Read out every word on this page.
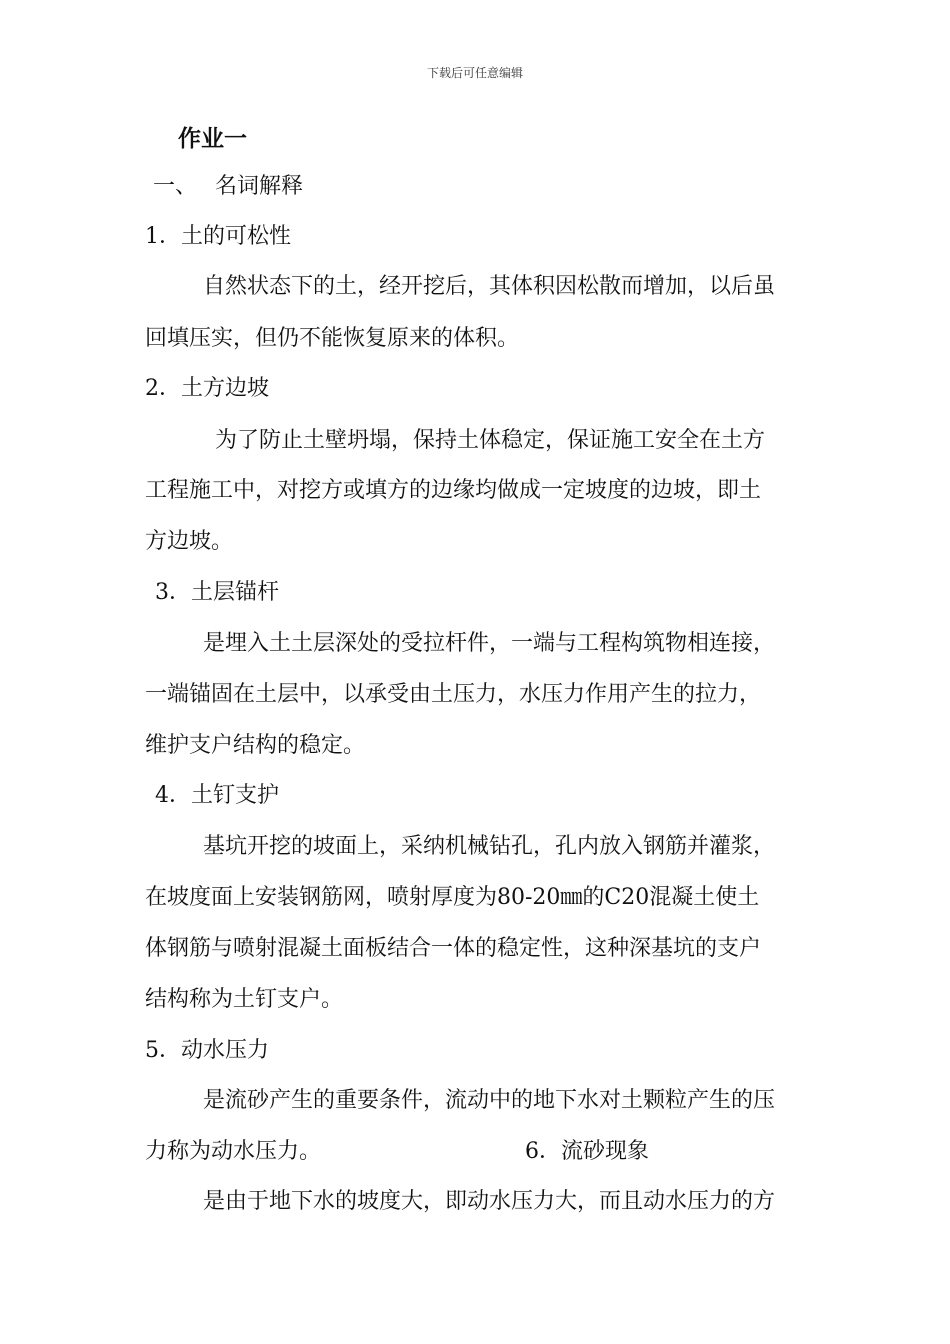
下载后可任意编辑
作业一
一、 名词解释
1．土的可松性
自然状态下的土，经开挖后，其体积因松散而增加，以后虽
回填压实，但仍不能恢复原来的体积。
2．土方边坡
为了防止土壁坍塌，保持土体稳定，保证施工安全在土方
工程施工中，对挖方或填方的边缘均做成一定坡度的边坡，即土
方边坡。
3．土层锚杆
是埋入土土层深处的受拉杆件，一端与工程构筑物相连接，
一端锚固在土层中，以承受由土压力，水压力作用产生的拉力，
维护支户结构的稳定。
4．土钉支护
基坑开挖的坡面上，采纳机械钻孔，孔内放入钢筋并灌浆，
在坡度面上安装钢筋网，喷射厚度为80-20㎜的C20混凝土使土
体钢筋与喷射混凝土面板结合一体的稳定性，这种深基坑的支户
结构称为土钉支户。
5．动水压力
是流砂产生的重要条件，流动中的地下水对土颗粒产生的压
力称为动水压力。	6．流砂现象
是由于地下水的坡度大，即动水压力大，而且动水压力的方
